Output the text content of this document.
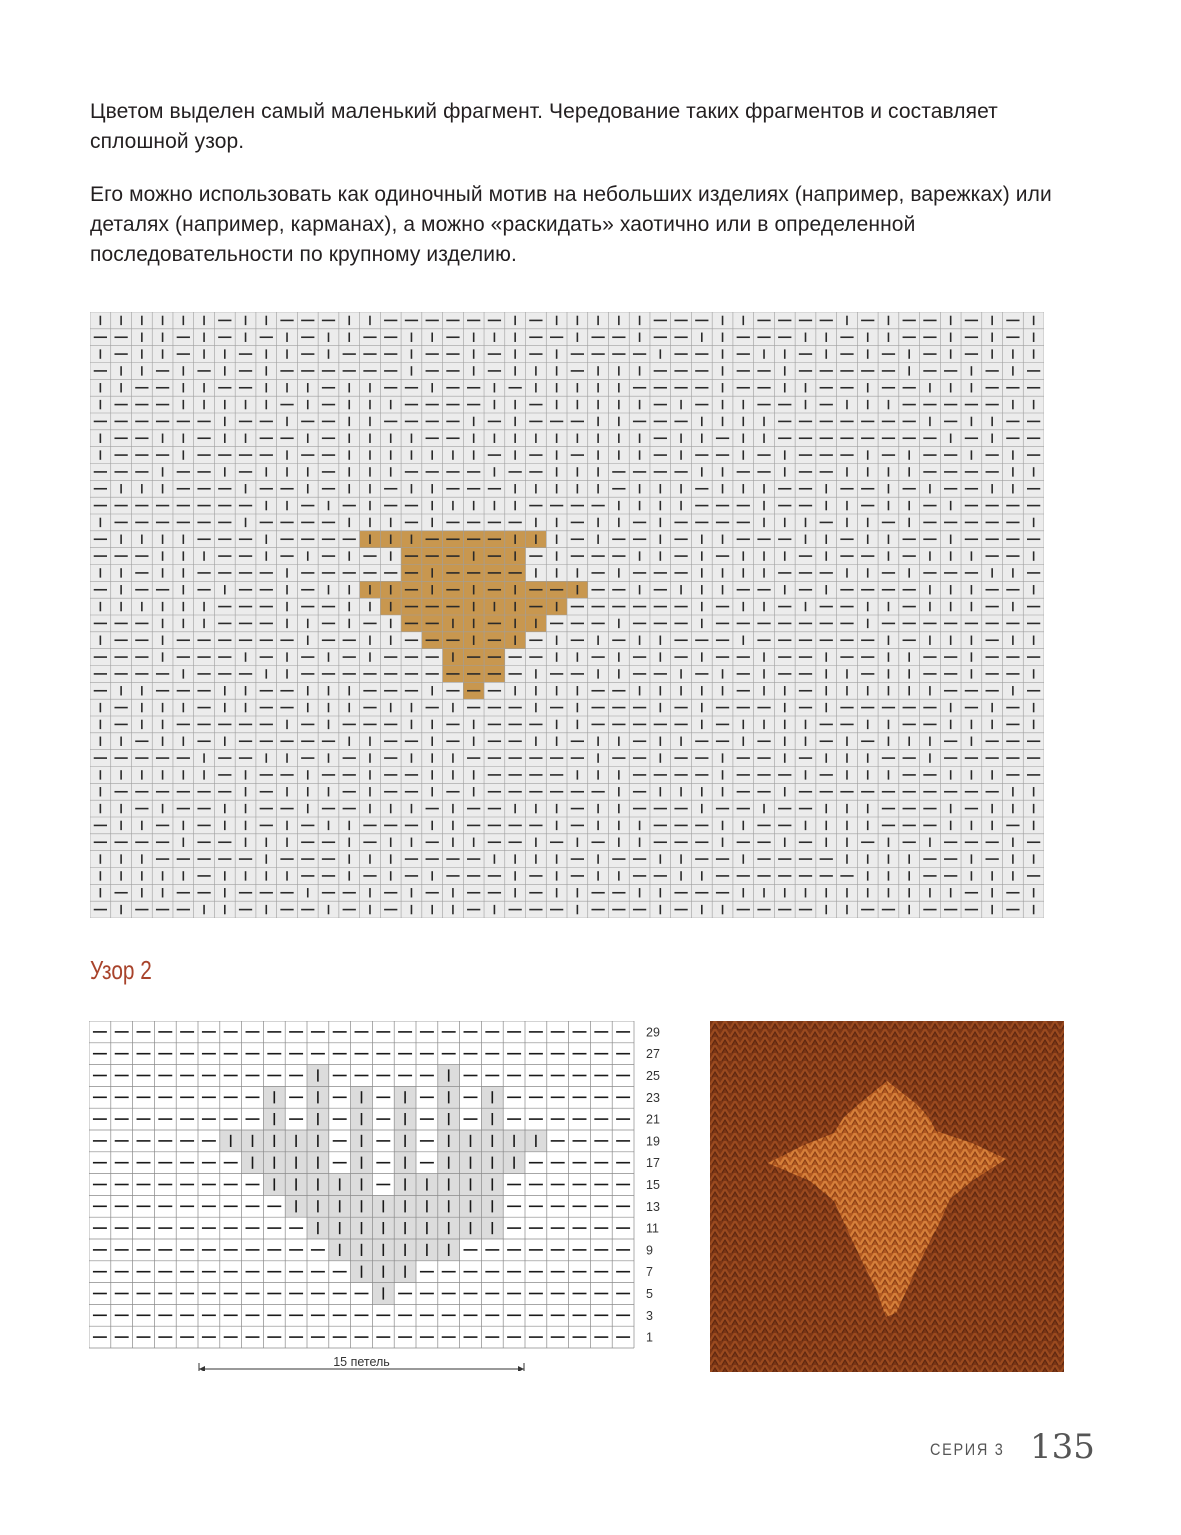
Цветом выделен самый маленький фрагмент. Чередование таких фрагментов и составляет сплошной узор.

Его можно использовать как одиночный мотив на небольших изделиях (например, варежках) или деталях (например, карманах), а можно «раскидать» хаотично или в определенной последовательности по крупному изделию.

Узор 2
29
27
25
23
21
19
17
15
13
11
9
7
5
3
1
15 петель
СЕРИЯ 3 135
